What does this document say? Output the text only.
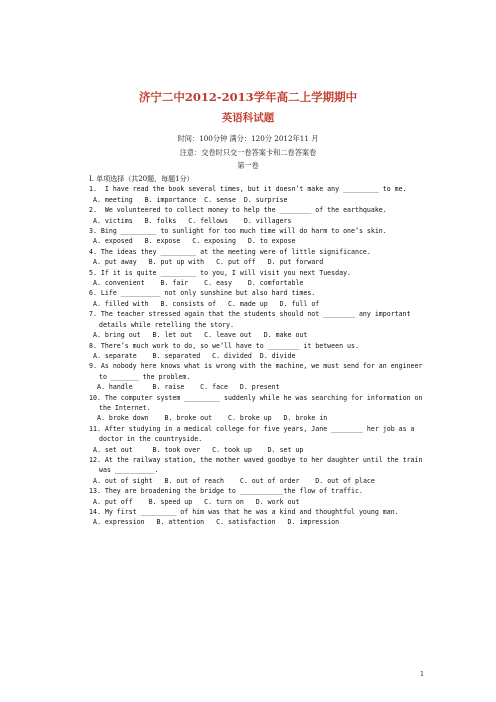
济宁二中2012-2013学年高二上学期期中
英语科试题
时间：100分钟 满分：120分 2012年11 月
注意：交卷时只交一卷答案卡和二卷答案卷
第一卷
I. 单项选择（共20题，每题1分）
1.  I have read the book several times, but it doesn’t make any _________ to me.
A. meeting   B. importance  C. sense  D. surprise
2.  We volunteered to collect money to help the ________ of the earthquake.
A. victims   B. folks   C. fellows    D. villagers
3. Bing _________ to sunlight for too much time will do harm to one’s skin.
A. exposed   B. expose   C. exposing   D. to expose
4. The ideas they _________ at the meeting were of little significance.
A. put away   B. put up with   C. put off   D. put forward
5. If it is quite _________ to you, I will visit you next Tuesday.
A. convenient    B. fair    C. easy    D. comfortable
6. Life __________ not only sunshine but also hard times.
A. filled with   B. consists of   C. made up   D. full of
7. The teacher stressed again that the students should not ________ any important details while retelling the story.
A. bring out   B. let out   C. leave out   D. make out
8. There’s much work to do, so we’ll have to ________ it between us.
A. separate    B. separated   C. divided  D. divide
9. As nobody here knows what is wrong with the machine, we must send for an engineer to _______ the problem.
A. handle     B. raise    C. face   D. present
10. The computer system _________ suddenly while he was searching for information on the Internet.
A. broke down    B. broke out    C. broke up   D. broke in
11. After studying in a medical college for five years, Jane ________ her job as a doctor in the countryside.
A. set out     B. took over   C. took up    D. set up
12. At the railway station, the mother waved goodbye to her daughter until the train was __________.
A. out of sight   B. out of reach    C. out of order    D. out of place
13. They are broadening the bridge to ___________the flow of traffic.
A. put off    B. speed up   C. turn on   D. work out
14. My first _________ of him was that he was a kind and thoughtful young man.
A. expression   B. attention   C. satisfaction   D. impression
1
